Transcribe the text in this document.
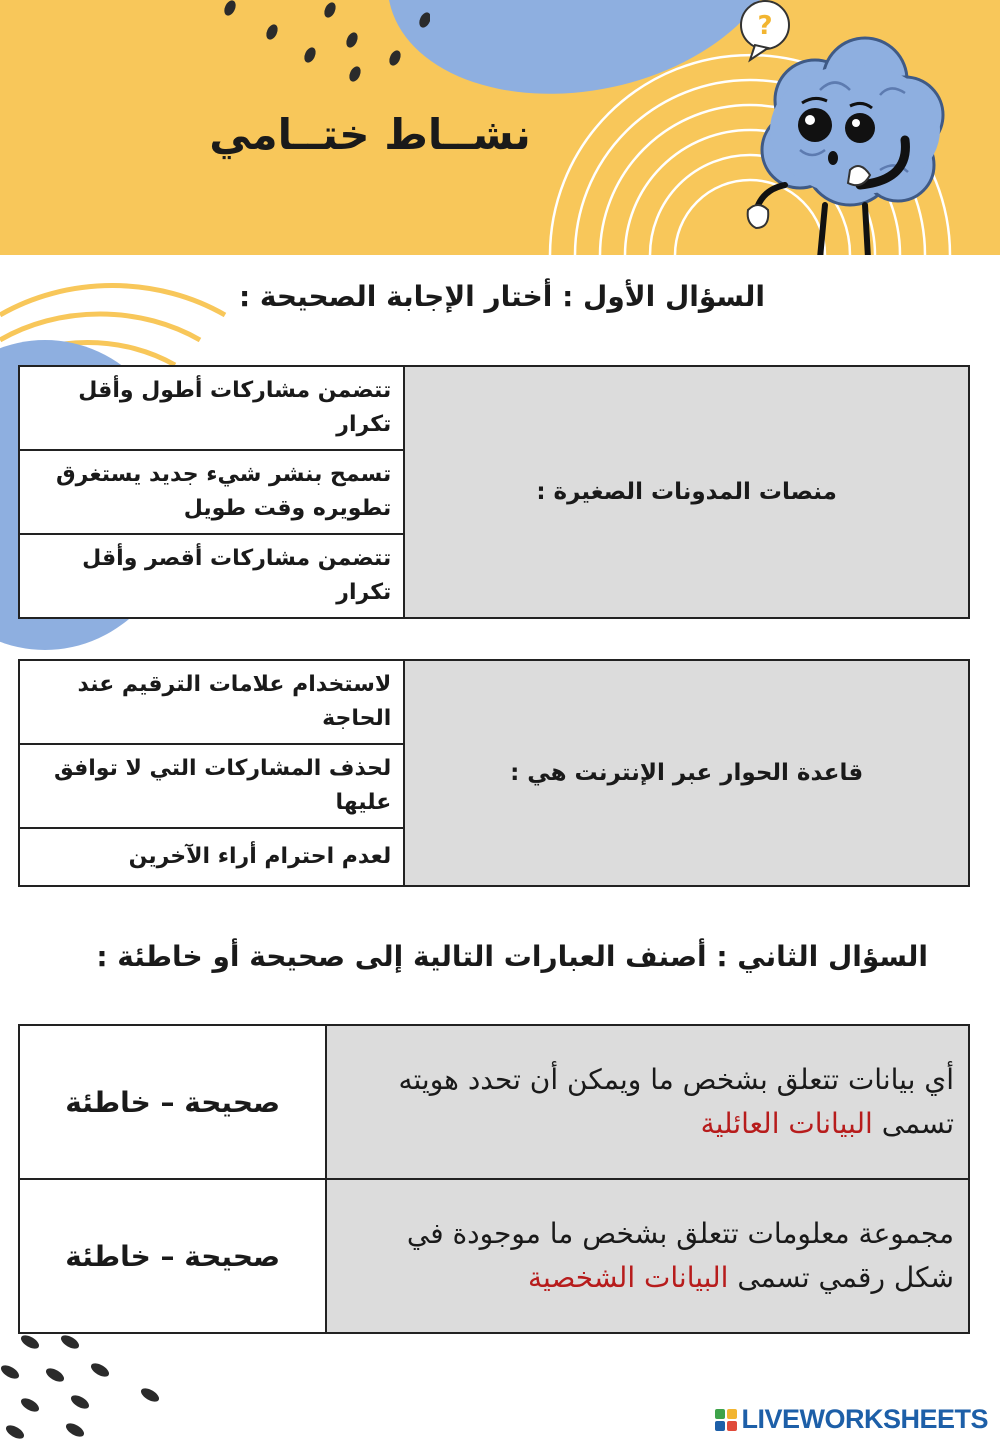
نشــاط ختــامي
?
السؤال الأول : أختار الإجابة الصحيحة :
منصات المدونات الصغيرة :	تتضمن مشاركات أطول وأقل تكرار
تسمح بنشر شيء جديد يستغرق تطويره وقت طويل
تتضمن مشاركات أقصر وأقل تكرار
قاعدة الحوار عبر الإنترنت هي :	لاستخدام علامات الترقيم عند الحاجة
لحذف المشاركات التي لا توافق عليها
لعدم احترام أراء الآخرين
السؤال الثاني : أصنف العبارات التالية إلى صحيحة أو خاطئة :
أي بيانات تتعلق بشخص ما ويمكن أن تحدد هويته تسمى البيانات العائلية	صحيحة – خاطئة
مجموعة معلومات تتعلق بشخص ما موجودة في شكل رقمي تسمى البيانات الشخصية	صحيحة – خاطئة
LIVEWORKSHEETS
